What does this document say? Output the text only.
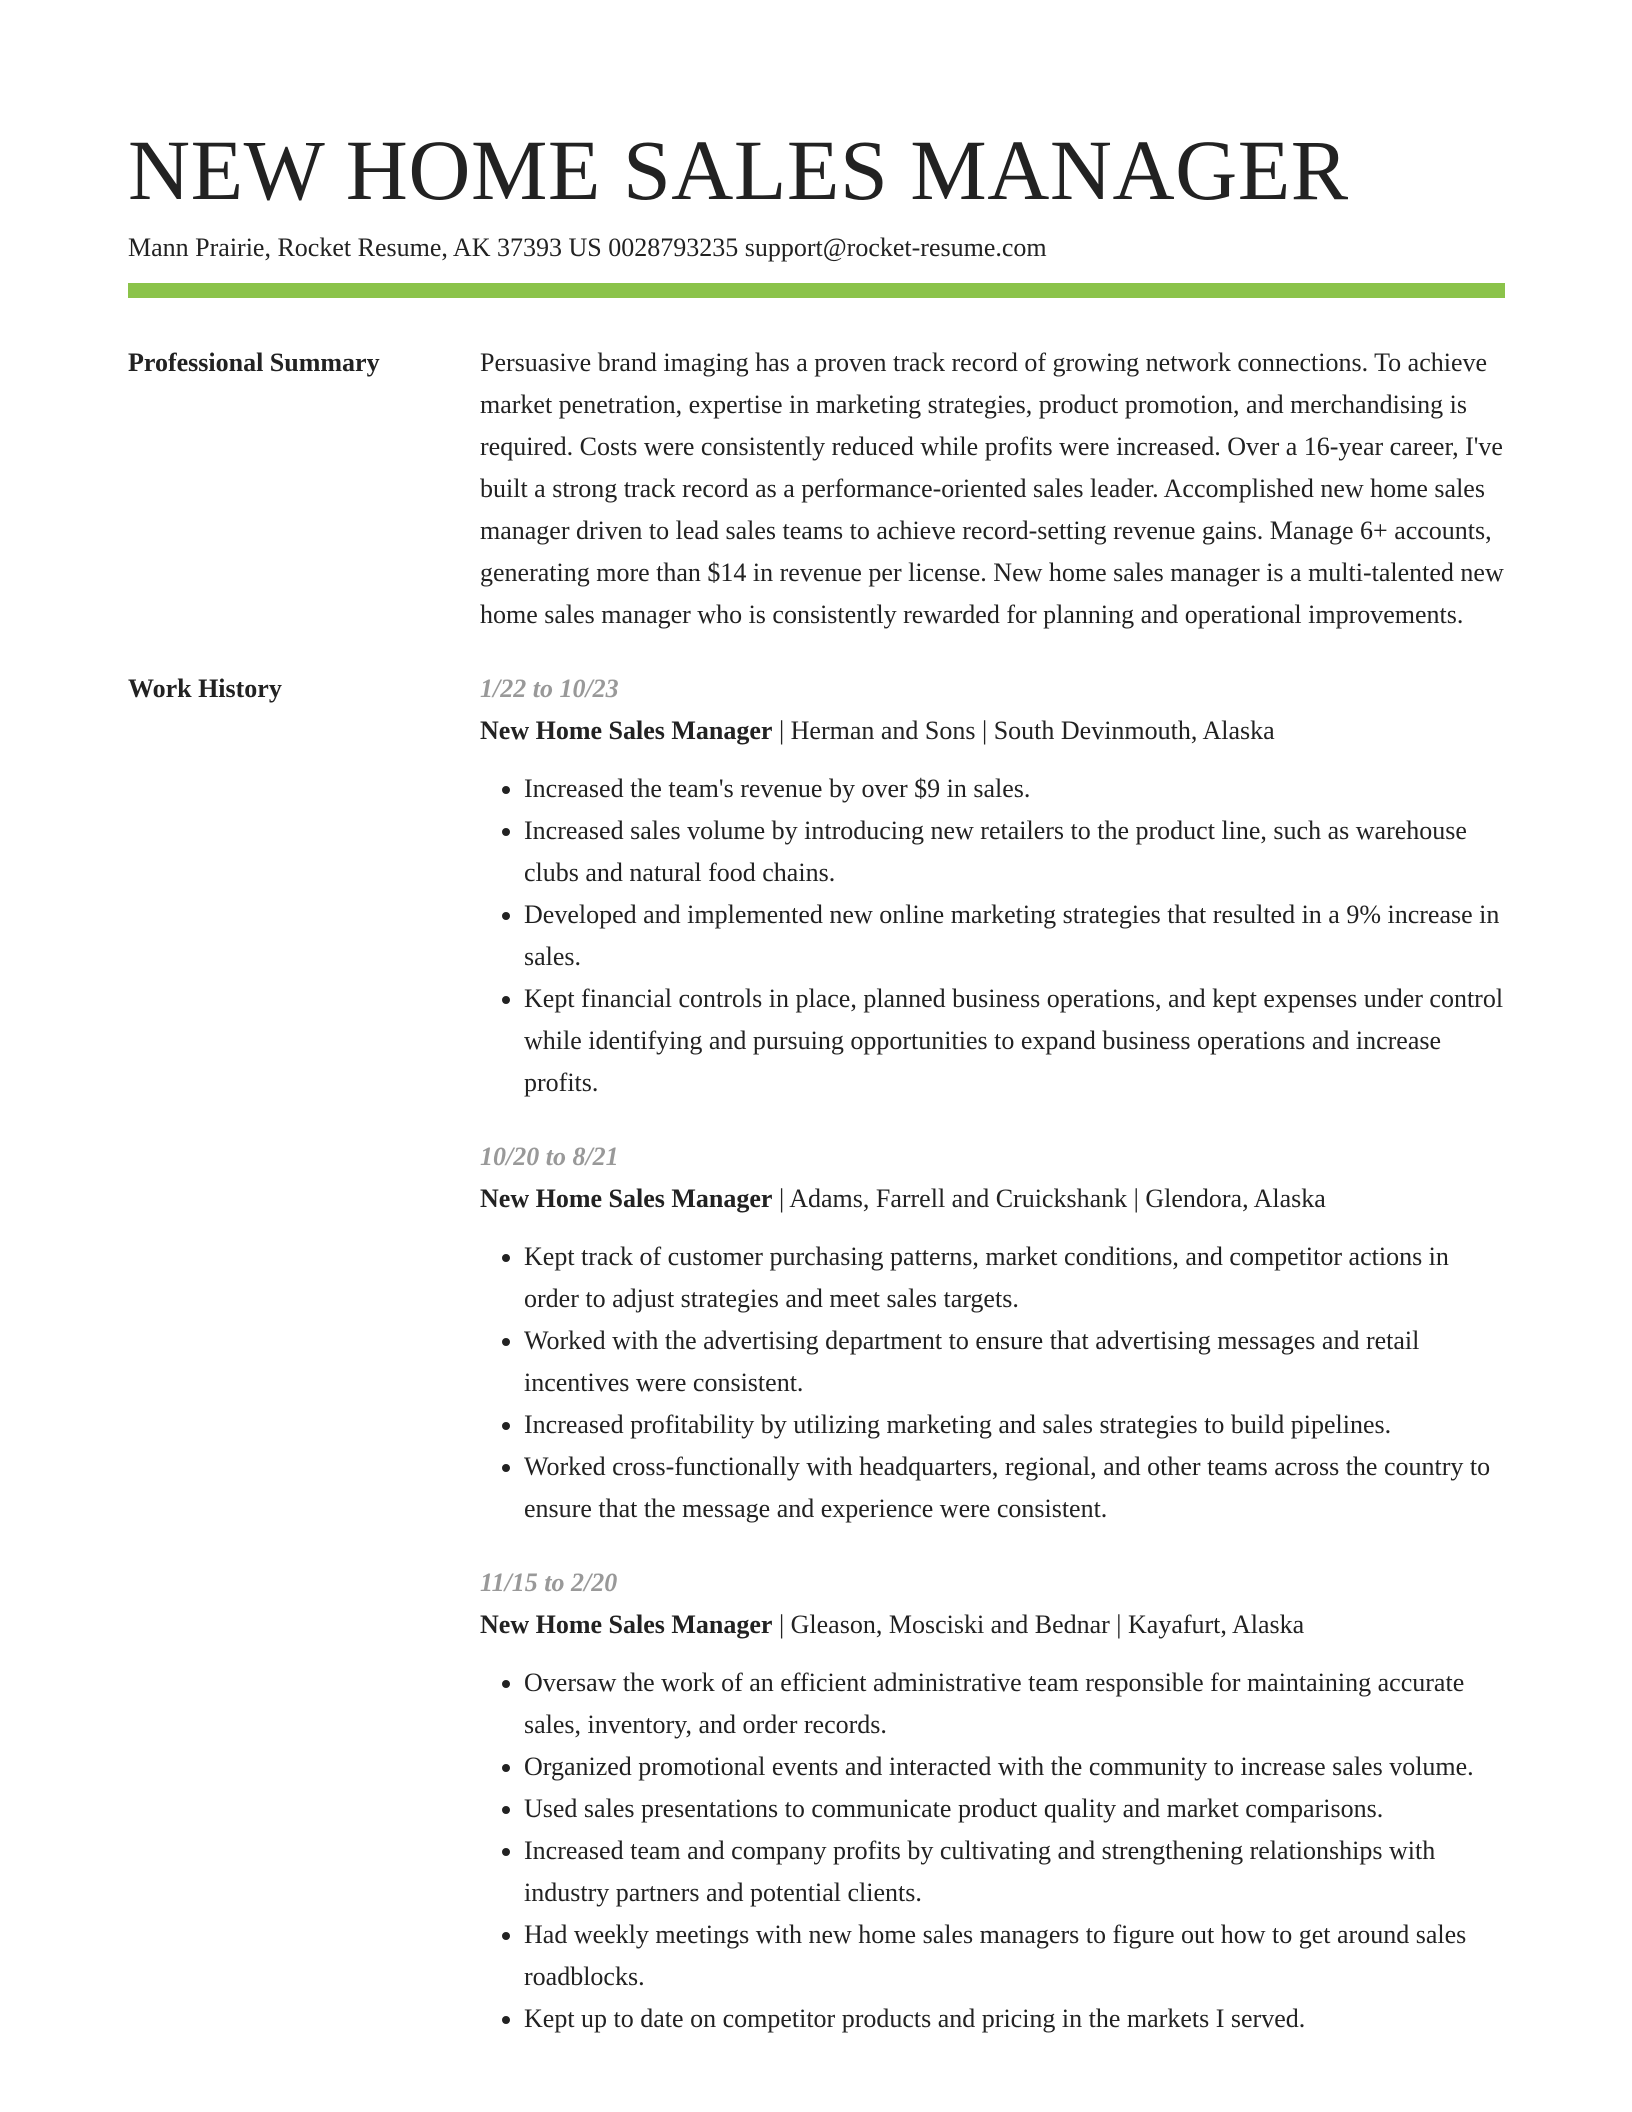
NEW HOME SALES MANAGER
Mann Prairie, Rocket Resume, AK 37393 US 0028793235 support@rocket-resume.com
Professional Summary	Persuasive brand imaging has a proven track record of growing network connections. To achieve market penetration, expertise in marketing strategies, product promotion, and merchandising is required. Costs were consistently reduced while profits were increased. Over a 16-year career, I've built a strong track record as a performance-oriented sales leader. Accomplished new home sales manager driven to lead sales teams to achieve record-setting revenue gains. Manage 6+ accounts, generating more than $14 in revenue per license. New home sales manager is a multi-talented new home sales manager who is consistently rewarded for planning and operational improvements.

Work History	1/22 to 10/23
New Home Sales Manager | Herman and Sons | South Devinmouth, Alaska
• Increased the team's revenue by over $9 in sales.
• Increased sales volume by introducing new retailers to the product line, such as warehouse clubs and natural food chains.
• Developed and implemented new online marketing strategies that resulted in a 9% increase in sales.
• Kept financial controls in place, planned business operations, and kept expenses under control while identifying and pursuing opportunities to expand business operations and increase profits.
10/20 to 8/21
New Home Sales Manager | Adams, Farrell and Cruickshank | Glendora, Alaska
• Kept track of customer purchasing patterns, market conditions, and competitor actions in order to adjust strategies and meet sales targets.
• Worked with the advertising department to ensure that advertising messages and retail incentives were consistent.
• Increased profitability by utilizing marketing and sales strategies to build pipelines.
• Worked cross-functionally with headquarters, regional, and other teams across the country to ensure that the message and experience were consistent.
11/15 to 2/20
New Home Sales Manager | Gleason, Mosciski and Bednar | Kayafurt, Alaska
• Oversaw the work of an efficient administrative team responsible for maintaining accurate sales, inventory, and order records.
• Organized promotional events and interacted with the community to increase sales volume.
• Used sales presentations to communicate product quality and market comparisons.
• Increased team and company profits by cultivating and strengthening relationships with industry partners and potential clients.
• Had weekly meetings with new home sales managers to figure out how to get around sales roadblocks.
• Kept up to date on competitor products and pricing in the markets I served.
